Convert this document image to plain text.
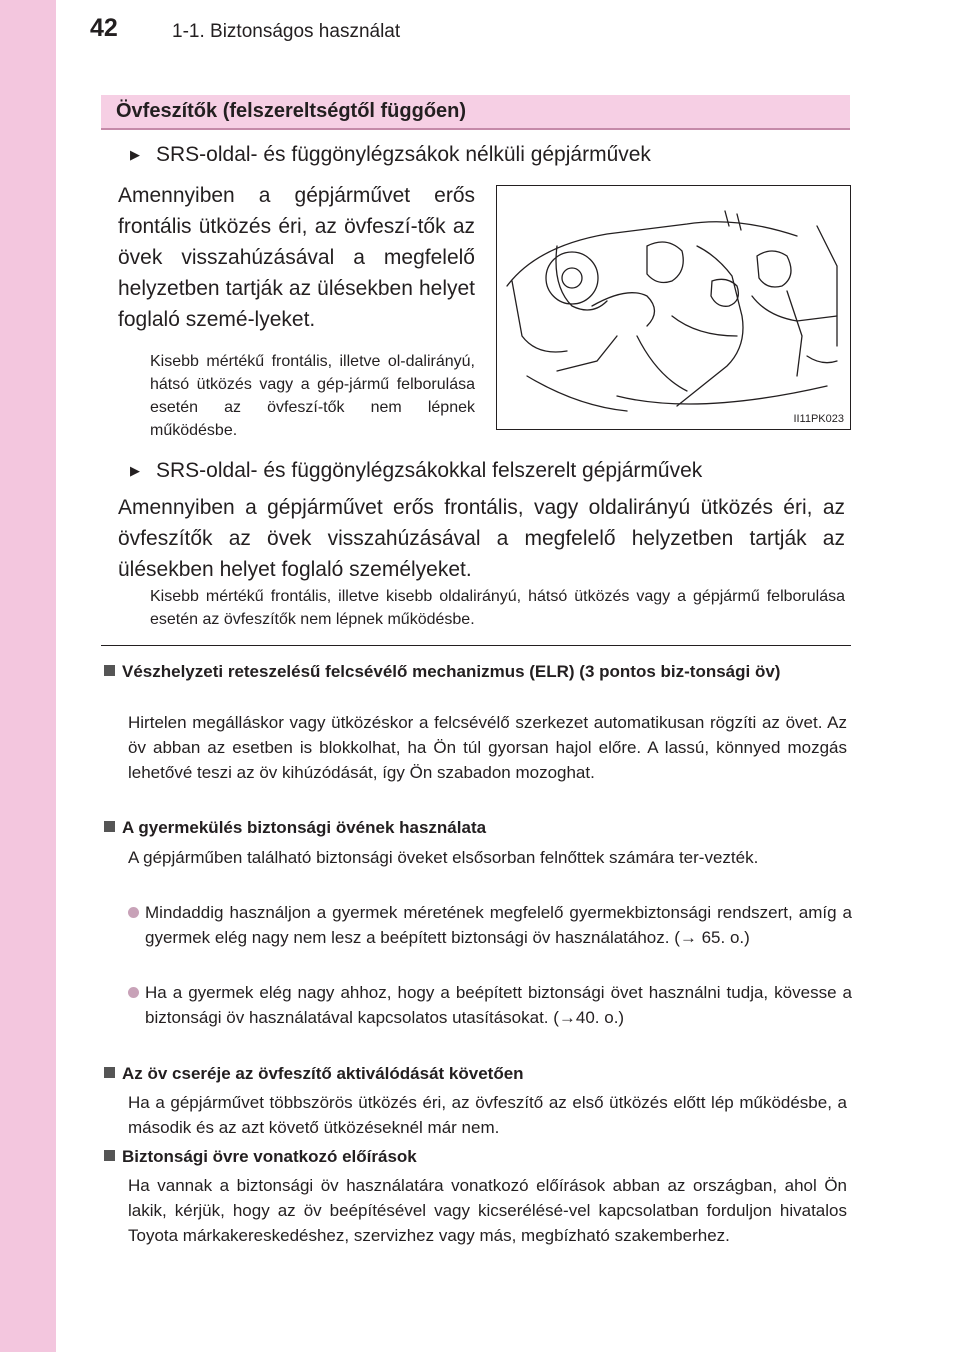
42	1-1. Biztonságos használat
Övfeszítők (felszereltségtől függően)
▶ SRS-oldal- és függönylégzsákok nélküli gépjárművek
Amennyiben a gépjárművet erős frontális ütközés éri, az övfeszí-tők az övek visszahúzásával a megfelelő helyzetben tartják az ülésekben helyet foglaló szemé-lyeket.
Kisebb mértékű frontális, illetve ol-dalirányú, hátsó ütközés vagy a gép-jármű felborulása esetén az övfeszí-tők nem lépnek működésbe.
II11PK023
▶ SRS-oldal- és függönylégzsákokkal felszerelt gépjárművek
Amennyiben a gépjárművet erős frontális, vagy oldalirányú ütközés éri, az övfeszítők az övek visszahúzásával a megfelelő helyzetben tartják az ülésekben helyet foglaló személyeket.
Kisebb mértékű frontális, illetve kisebb oldalirányú, hátsó ütközés vagy a gépjármű felborulása esetén az övfeszítők nem lépnek működésbe.
Vészhelyzeti reteszelésű felcsévélő mechanizmus (ELR) (3 pontos biz-tonsági öv)
Hirtelen megálláskor vagy ütközéskor a felcsévélő szerkezet automatikusan rögzíti az övet. Az öv abban az esetben is blokkolhat, ha Ön túl gyorsan hajol előre. A lassú, könnyed mozgás lehetővé teszi az öv kihúzódását, így Ön szabadon mozoghat.
A gyermekülés biztonsági övének használata
A gépjárműben található biztonsági öveket elsősorban felnőttek számára ter-vezték.
Mindaddig használjon a gyermek méretének megfelelő gyermekbiztonsági rendszert, amíg a gyermek elég nagy nem lesz a beépített biztonsági öv használatához. (→ 65. o.)
Ha a gyermek elég nagy ahhoz, hogy a beépített biztonsági övet használni tudja, kövesse a biztonsági öv használatával kapcsolatos utasításokat. (→40. o.)
Az öv cseréje az övfeszítő aktiválódását követően
Ha a gépjárművet többszörös ütközés éri, az övfeszítő az első ütközés előtt lép működésbe, a második és az azt követő ütközéseknél már nem.
Biztonsági övre vonatkozó előírások
Ha vannak a biztonsági öv használatára vonatkozó előírások abban az országban, ahol Ön lakik, kérjük, hogy az öv beépítésével vagy kicserélésé-vel kapcsolatban forduljon hivatalos Toyota márkakereskedéshez, szervizhez vagy más, megbízható szakemberhez.
